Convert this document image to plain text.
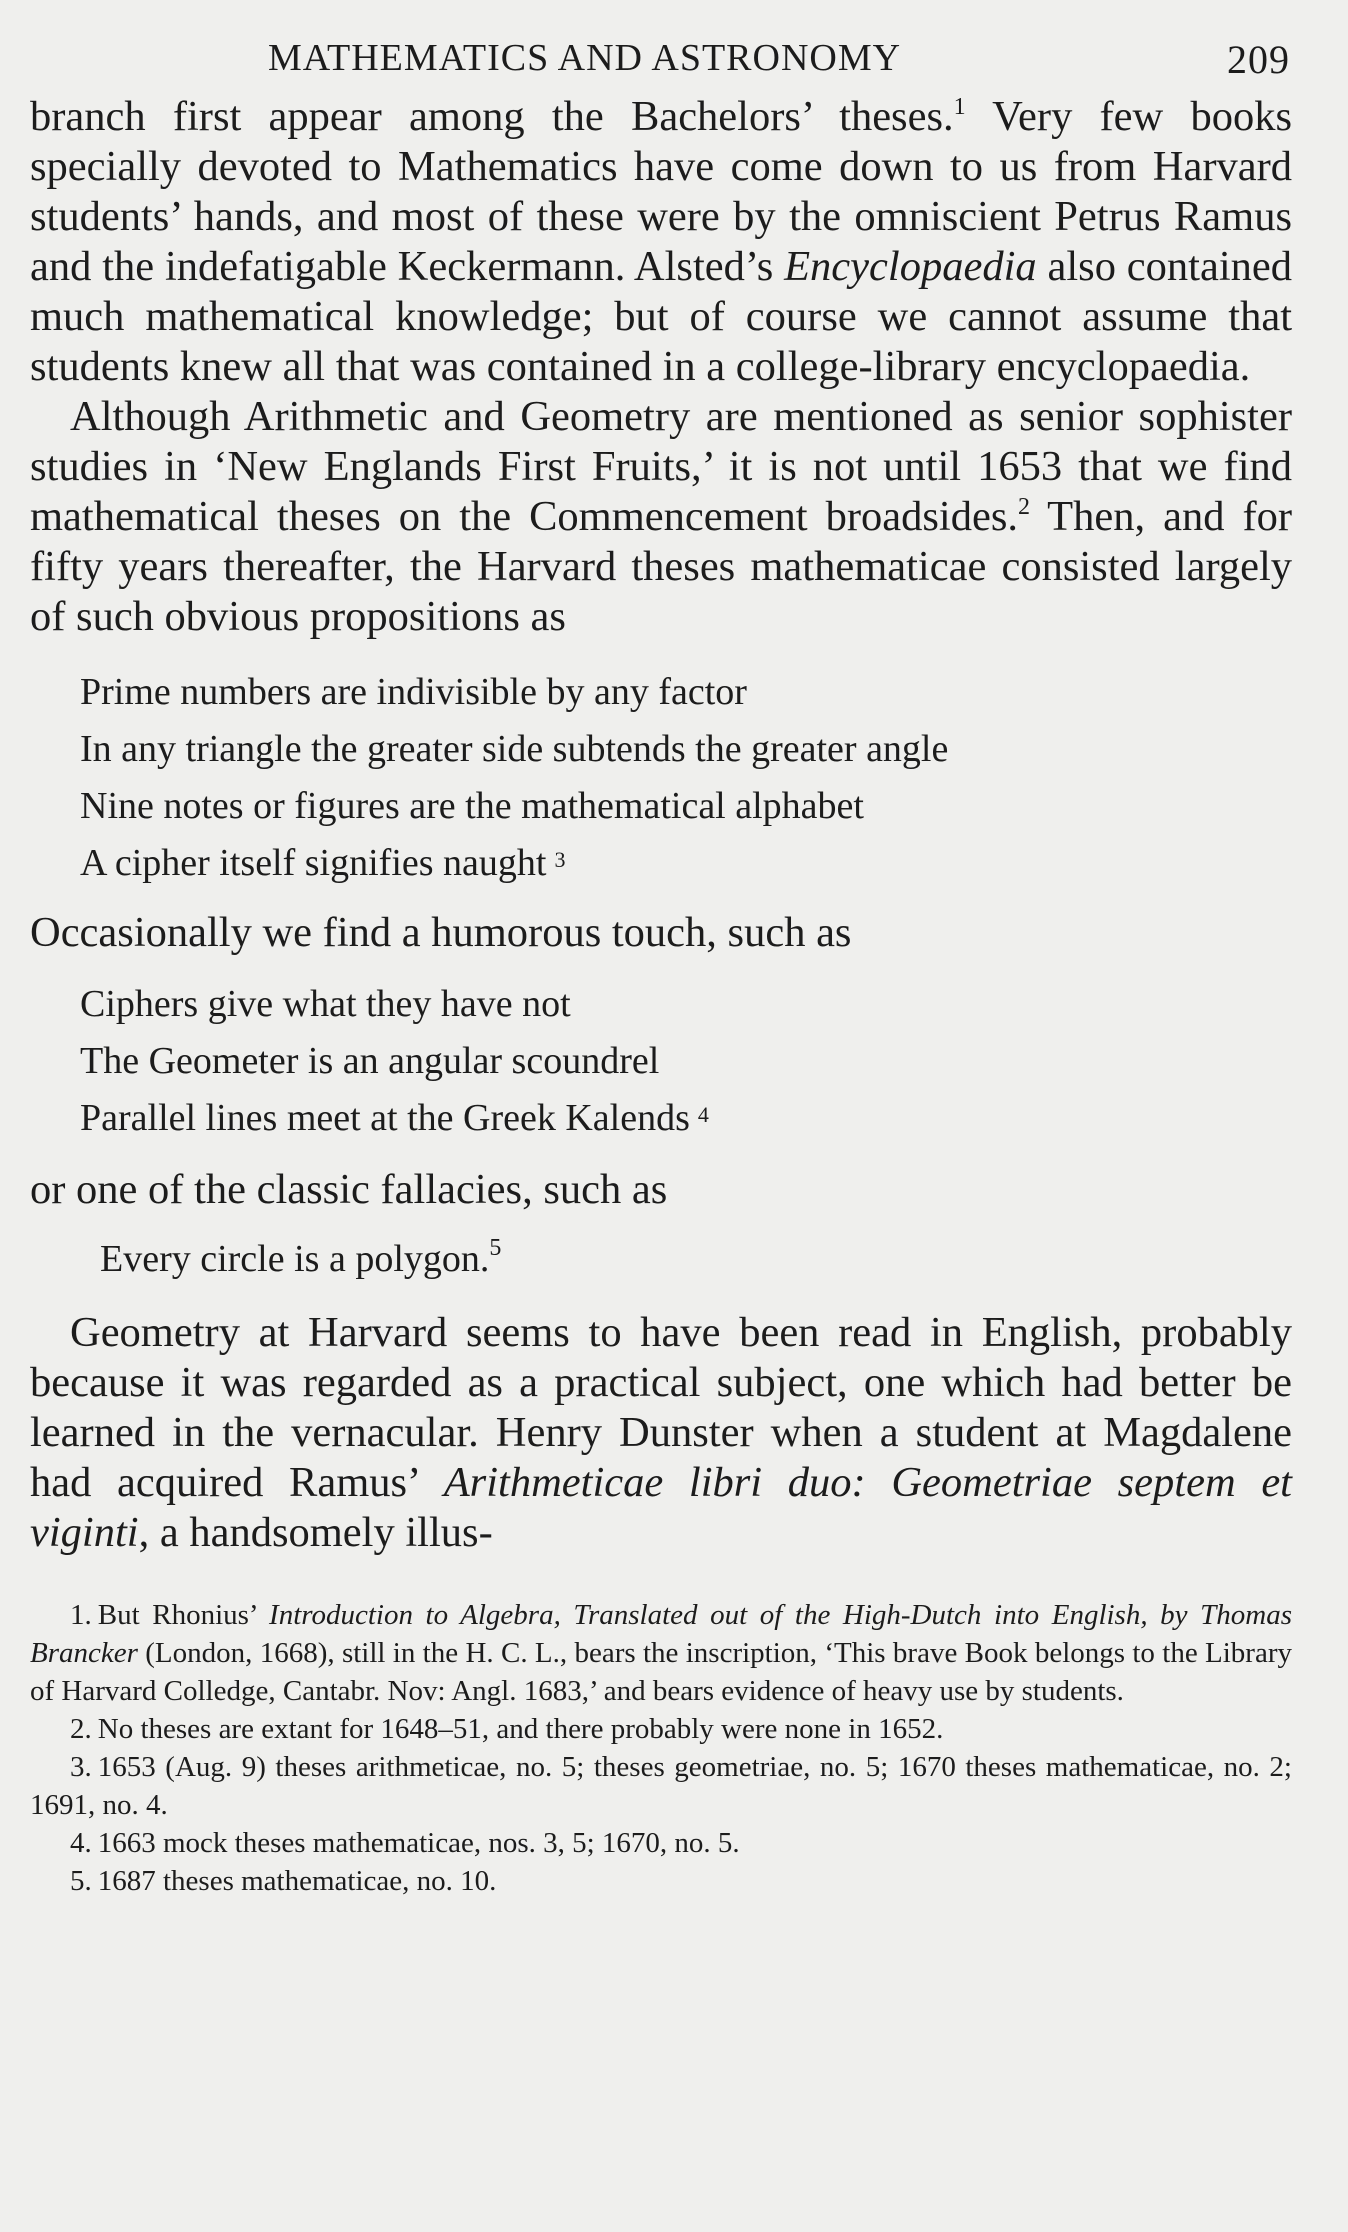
MATHEMATICS AND ASTRONOMY	209

branch first appear among the Bachelors’ theses.$^1$ Very few books specially devoted to Mathematics have come down to us from Harvard students’ hands, and most of these were by the omniscient Petrus Ramus and the indefatigable Keckermann. Alsted’s Encyclopaedia also contained much mathematical knowledge; but of course we cannot assume that students knew all that was contained in a college-library encyclopaedia.

Although Arithmetic and Geometry are mentioned as senior sophister studies in ‘New Englands First Fruits,’ it is not until 1653 that we find mathematical theses on the Commencement broadsides.$^2$ Then, and for fifty years thereafter, the Harvard theses mathematicae consisted largely of such obvious propositions as

Prime numbers are indivisible by any factor
In any triangle the greater side subtends the greater angle
Nine notes or figures are the mathematical alphabet
A cipher itself signifies naught $^3$

Occasionally we find a humorous touch, such as

Ciphers give what they have not
The Geometer is an angular scoundrel
Parallel lines meet at the Greek Kalends $^4$

or one of the classic fallacies, such as

Every circle is a polygon.$^5$

Geometry at Harvard seems to have been read in English, probably because it was regarded as a practical subject, one which had better be learned in the vernacular. Henry Dunster when a student at Magdalene had acquired Ramus’ Arithmeticae libri duo: Geometriae septem et viginti, a handsomely illus-

1. But Rhonius’ Introduction to Algebra, Translated out of the High-Dutch into English, by Thomas Brancker (London, 1668), still in the H. C. L., bears the inscription, ‘This brave Book belongs to the Library of Harvard Colledge, Cantabr. Nov: Angl. 1683,’ and bears evidence of heavy use by students.

2. No theses are extant for 1648–51, and there probably were none in 1652.

3. 1653 (Aug. 9) theses arithmeticae, no. 5; theses geometriae, no. 5; 1670 theses mathematicae, no. 2; 1691, no. 4.

4. 1663 mock theses mathematicae, nos. 3, 5; 1670, no. 5.

5. 1687 theses mathematicae, no. 10.
